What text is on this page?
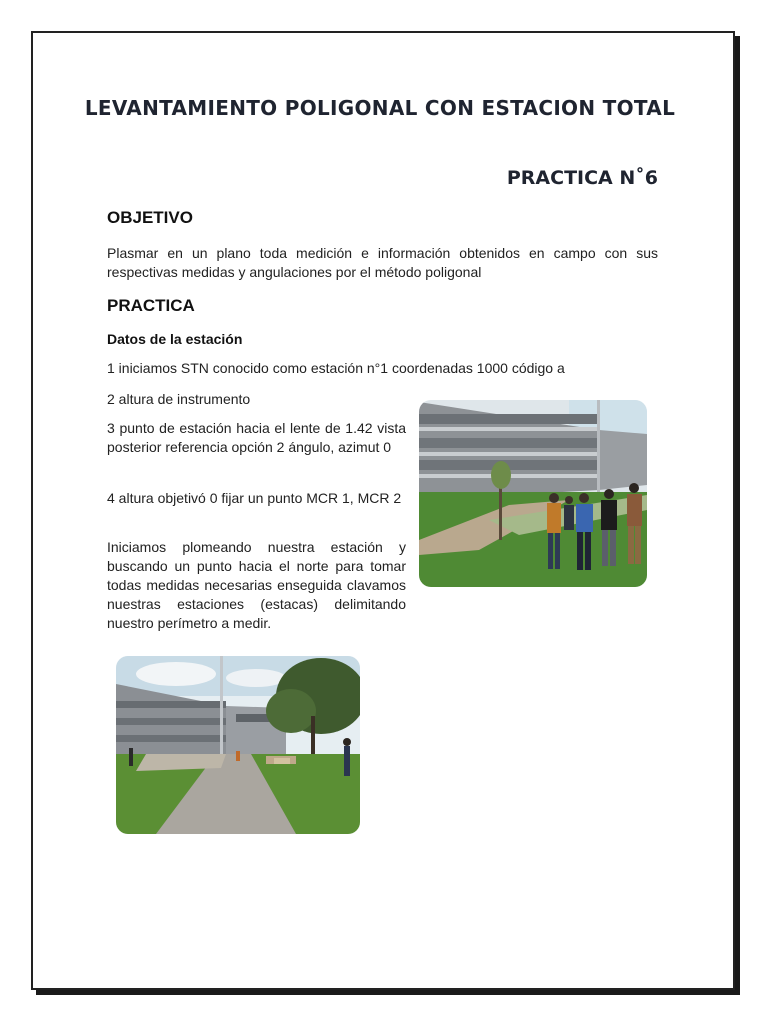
LEVANTAMIENTO POLIGONAL CON ESTACION TOTAL
PRACTICA N˚6
OBJETIVO
Plasmar en un plano toda medición e información obtenidos en campo con sus respectivas medidas y angulaciones por el método poligonal
PRACTICA
Datos de la estación
1 iniciamos STN conocido como estación n°1 coordenadas 1000 código a
2 altura de instrumento
3 punto de estación hacia el lente de 1.42 vista posterior referencia opción 2 ángulo, azimut 0
4 altura objetivó 0 fijar un punto MCR 1, MCR 2
Iniciamos plomeando nuestra estación y buscando un punto hacia el norte para tomar todas medidas necesarias enseguida clavamos nuestras estaciones (estacas) delimitando nuestro perímetro a medir.
